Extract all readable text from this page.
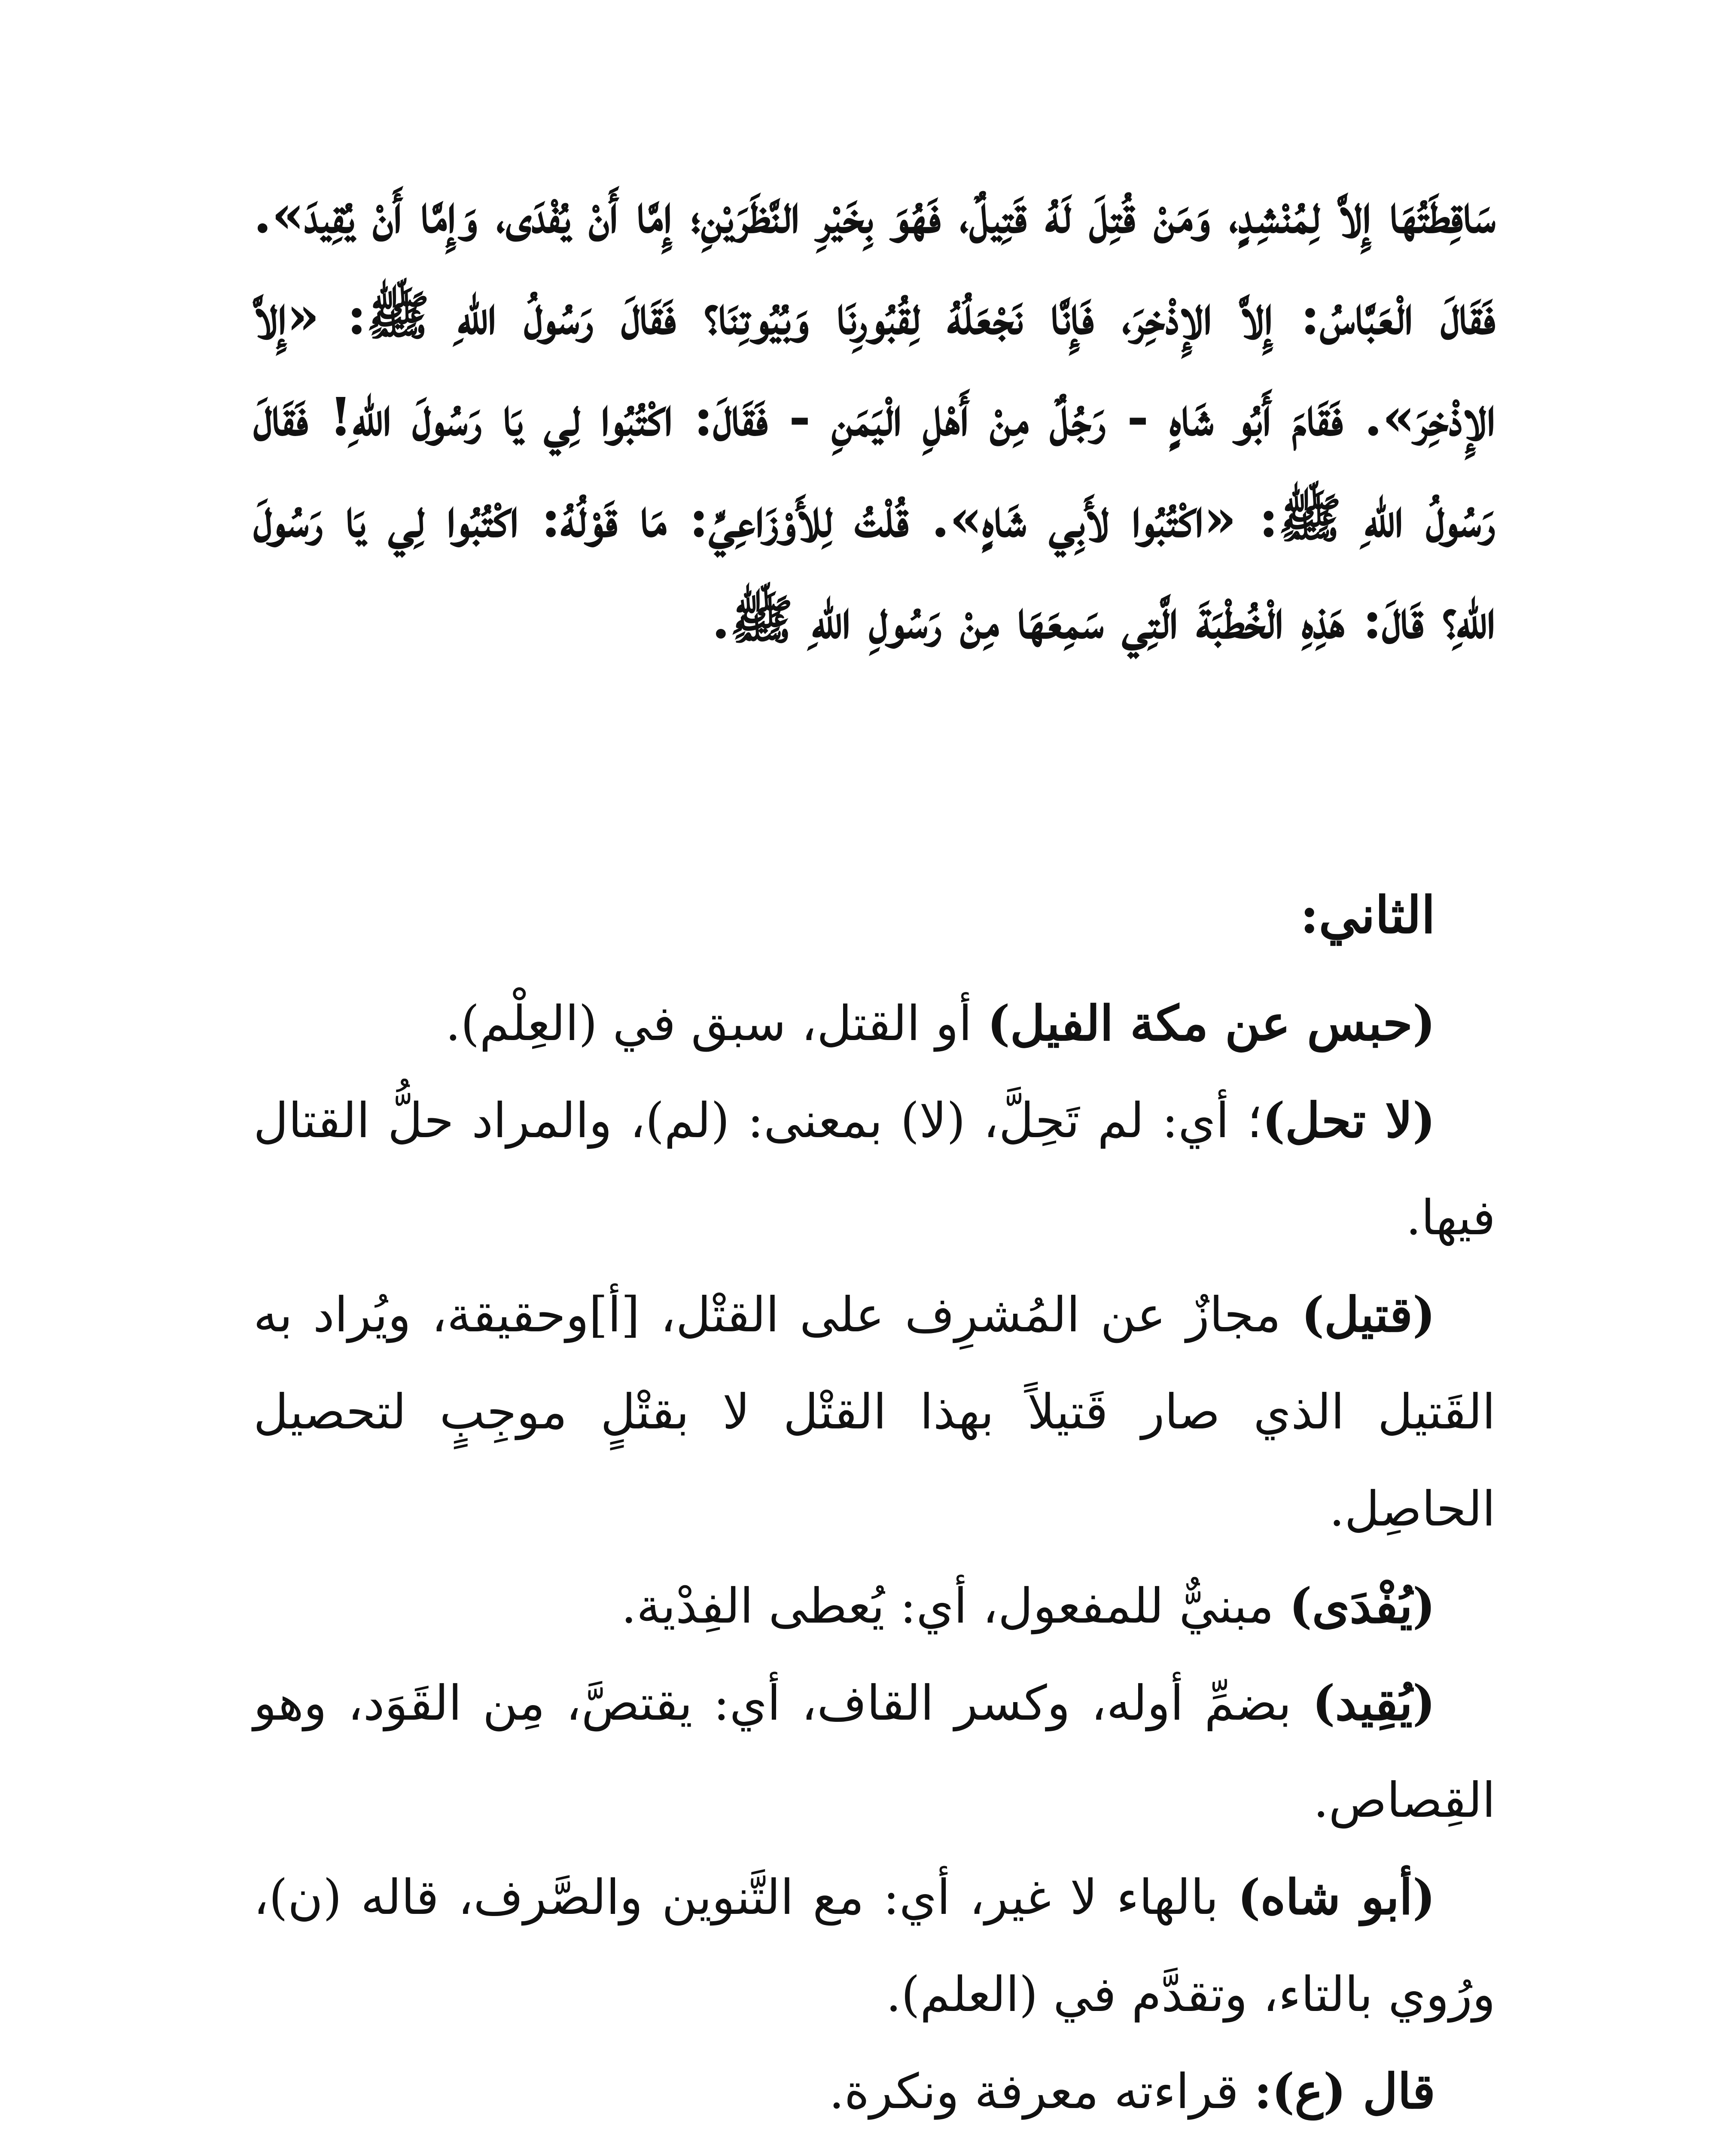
سَاقِطَتُهَا إِلاَّ لِمُنْشِدٍ، وَمَنْ قُتِلَ لَهُ قَتِيلٌ، فَهُوَ بِخَيْرِ النَّظَرَيْنِ؛ إِمَّا أَنْ يُفْدَى، وَإِمَّا أَنْ يُقِيدَ». فَقَالَ الْعَبَّاسُ: إِلاَّ الإِذْخِرَ، فَإِنَّا نَجْعَلُهُ لِقُبُورِنَا وَبُيُوتِنَا؟ فَقَالَ رَسُولُ اللهِ ﷺ: «إِلاَّ الإِذْخِرَ». فَقَامَ أَبُو شَاهٍ - رَجُلٌ مِنْ أَهْلِ الْيَمَنِ - فَقَالَ: اكْتُبُوا لِي يَا رَسُولَ اللهِ! فَقَالَ رَسُولُ اللهِ ﷺ: «اكْتُبُوا لأَبِي شَاهٍ». قُلْتُ لِلأَوْزَاعِيِّ: مَا قَوْلُهُ: اكْتُبُوا لِي يَا رَسُولَ اللهِ؟ قَالَ: هَذِهِ الْخُطْبَةَ الَّتِي سَمِعَهَا مِنْ رَسُولِ اللهِ ﷺ.
الثاني:

(حبس عن مكة الفيل) أو القتل، سبق في (العِلْم).

(لا تحل)؛ أي: لم تَحِلَّ، (لا) بمعنى: (لم)، والمراد حلُّ القتال فيها.

(قتيل) مجازٌ عن المُشرِف على القتْل، [أ]وحقيقة، ويُراد به القَتيل الذي صار قَتيلاً بهذا القتْل لا بقتْلٍ موجِبٍ لتحصيل الحاصِل.

(يُفْدَى) مبنيٌّ للمفعول، أي: يُعطى الفِدْية.

(يُقِيد) بضمِّ أوله، وكسر القاف، أي: يقتصَّ، مِن القَوَد، وهو القِصاص.

(أبو شاه) بالهاء لا غير، أي: مع التَّنوين والصَّرف، قاله (ن)، ورُوي بالتاء، وتقدَّم في (العلم).

قال (ع): قراءته معرفة ونكرة.
